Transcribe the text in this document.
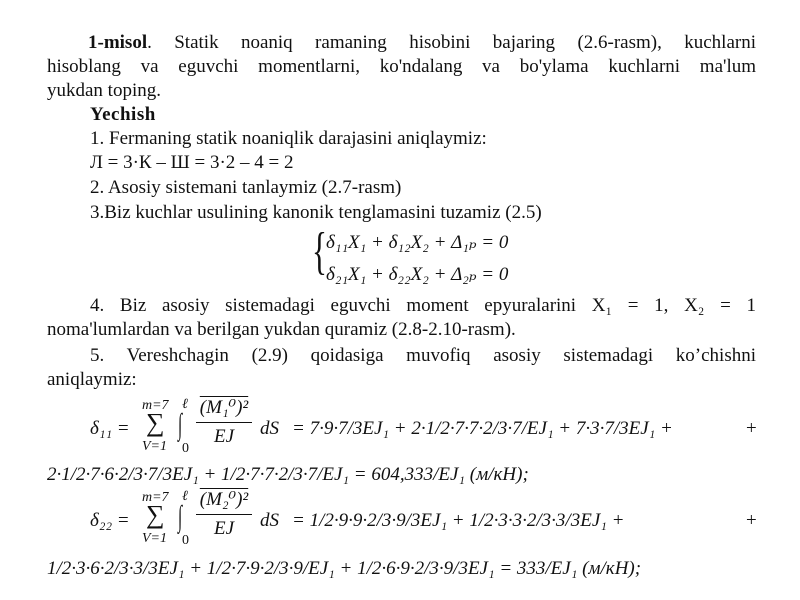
1-misol. Statik noaniq ramaning hisobini bajaring (2.6-rasm), kuchlarni
hisoblang va eguvchi momentlarni, ko'ndalang va bo'ylama kuchlarni ma'lum
yukdan toping.
Yechish
1. Fermaning statik noaniqlik darajasini aniqlaymiz:
Л = 3·К – Ш = 3·2 – 4 = 2
2. Asosiy sistemani tanlaymiz (2.7-rasm)
3.Biz kuchlar usulining kanonik tenglamasini tuzamiz (2.5)
{ δ₁₁X₁ + δ₁₂X₂ + Δ₁ₚ = 0
δ₂₁X₁ + δ₂₂X₂ + Δ₂ₚ = 0
4. Biz asosiy sistemadagi eguvchi moment epyuralarini X₁ = 1, X₂ = 1
noma'lumlardan va berilgan yukdan quramiz (2.8-2.10-rasm).
5. Vereshchagin (2.9) qoidasiga muvofiq asosiy sistemadagi ko’chishni
aniqlaymiz:
δ₁₁ =
m=7
∑
V=1
ℓ
∫
0
(M₁⁰)²
EJ	dS = 7·9·7/3EJ₁ + 2·1/2·7·7·2/3·7/EJ₁ + 7·3·7/3EJ₁ +	+
2·1/2·7·6·2/3·7/3EJ₁ + 1/2·7·7·2/3·7/EJ₁ = 604,333/EJ₁ (м/кН);
δ₂₂ =
m=7
∑
V=1
ℓ
∫
0
(M₂⁰)²
EJ	dS = 1/2·9·9·2/3·9/3EJ₁ + 1/2·3·3·2/3·3/3EJ₁ +	+
1/2·3·6·2/3·3/3EJ₁ + 1/2·7·9·2/3·9/EJ₁ + 1/2·6·9·2/3·9/3EJ₁ = 333/EJ₁ (м/кН);
